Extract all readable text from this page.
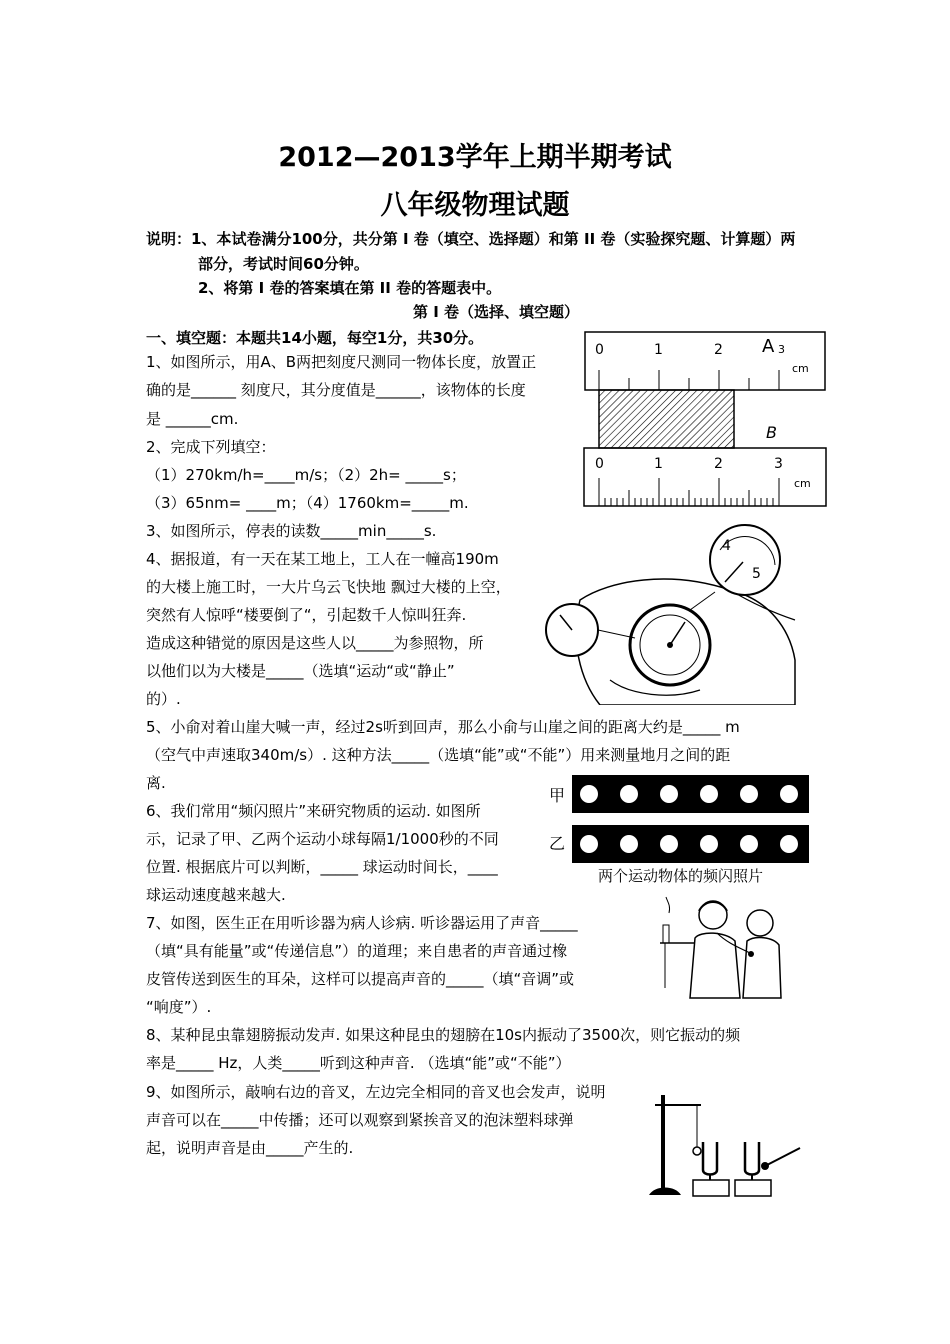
2012—2013学年上期半期考试
八年级物理试题
说明：1、本试卷满分100分，共分第 I 卷（填空、选择题）和第 II 卷（实验探究题、计算题）两
部分，考试时间60分钟。
2、将第 I 卷的答案填在第 II 卷的答题表中。
第 I 卷（选择、填空题）
一、填空题：本题共14小题，每空1分，共30分。
1、如图所示，用A、B两把刻度尺测同一物体长度，放置正
确的是______ 刻度尺，其分度值是______，该物体的长度
是 ______cm.
2、完成下列填空：
（1）270km/h=____m/s；（2）2h= _____s；
（3）65nm= ____m；（4）1760km=_____m.
3、如图所示，停表的读数_____min_____s.
4、据报道，有一天在某工地上，工人在一幢高190m
的大楼上施工时，一大片乌云飞快地 飘过大楼的上空，
突然有人惊呼“楼要倒了“，引起数千人惊叫狂奔.
造成这种错觉的原因是这些人以_____为参照物，所
以他们以为大楼是_____（选填“运动“或“静止”
的）.
5、小俞对着山崖大喊一声，经过2s听到回声，那么小俞与山崖之间的距离大约是_____ m
（空气中声速取340m/s）. 这种方法_____（选填“能”或“不能”）用来测量地月之间的距
离.
6、我们常用“频闪照片”来研究物质的运动. 如图所
示，记录了甲、乙两个运动小球每隔1/1000秒的不同
位置. 根据底片可以判断，_____ 球运动时间长，____
球运动速度越来越大.
7、如图，医生正在用听诊器为病人诊病. 听诊器运用了声音_____
（填“具有能量”或“传递信息”）的道理；来自患者的声音通过橡
皮管传送到医生的耳朵，这样可以提高声音的_____（填“音调”或
“响度”）.
8、某种昆虫靠翅膀振动发声. 如果这种昆虫的翅膀在10s内振动了3500次，则它振动的频
率是_____ Hz，人类_____听到这种声音. （选填“能”或“不能”）
9、如图所示，敲响右边的音叉，左边完全相同的音叉也会发声，说明
声音可以在_____中传播；还可以观察到紧挨音叉的泡沫塑料球弹
起，说明声音是由_____产生的.
0	1	2 A 3
cm
B
0	1	2	3
cm
4
5
甲
乙
两个运动物体的频闪照片
